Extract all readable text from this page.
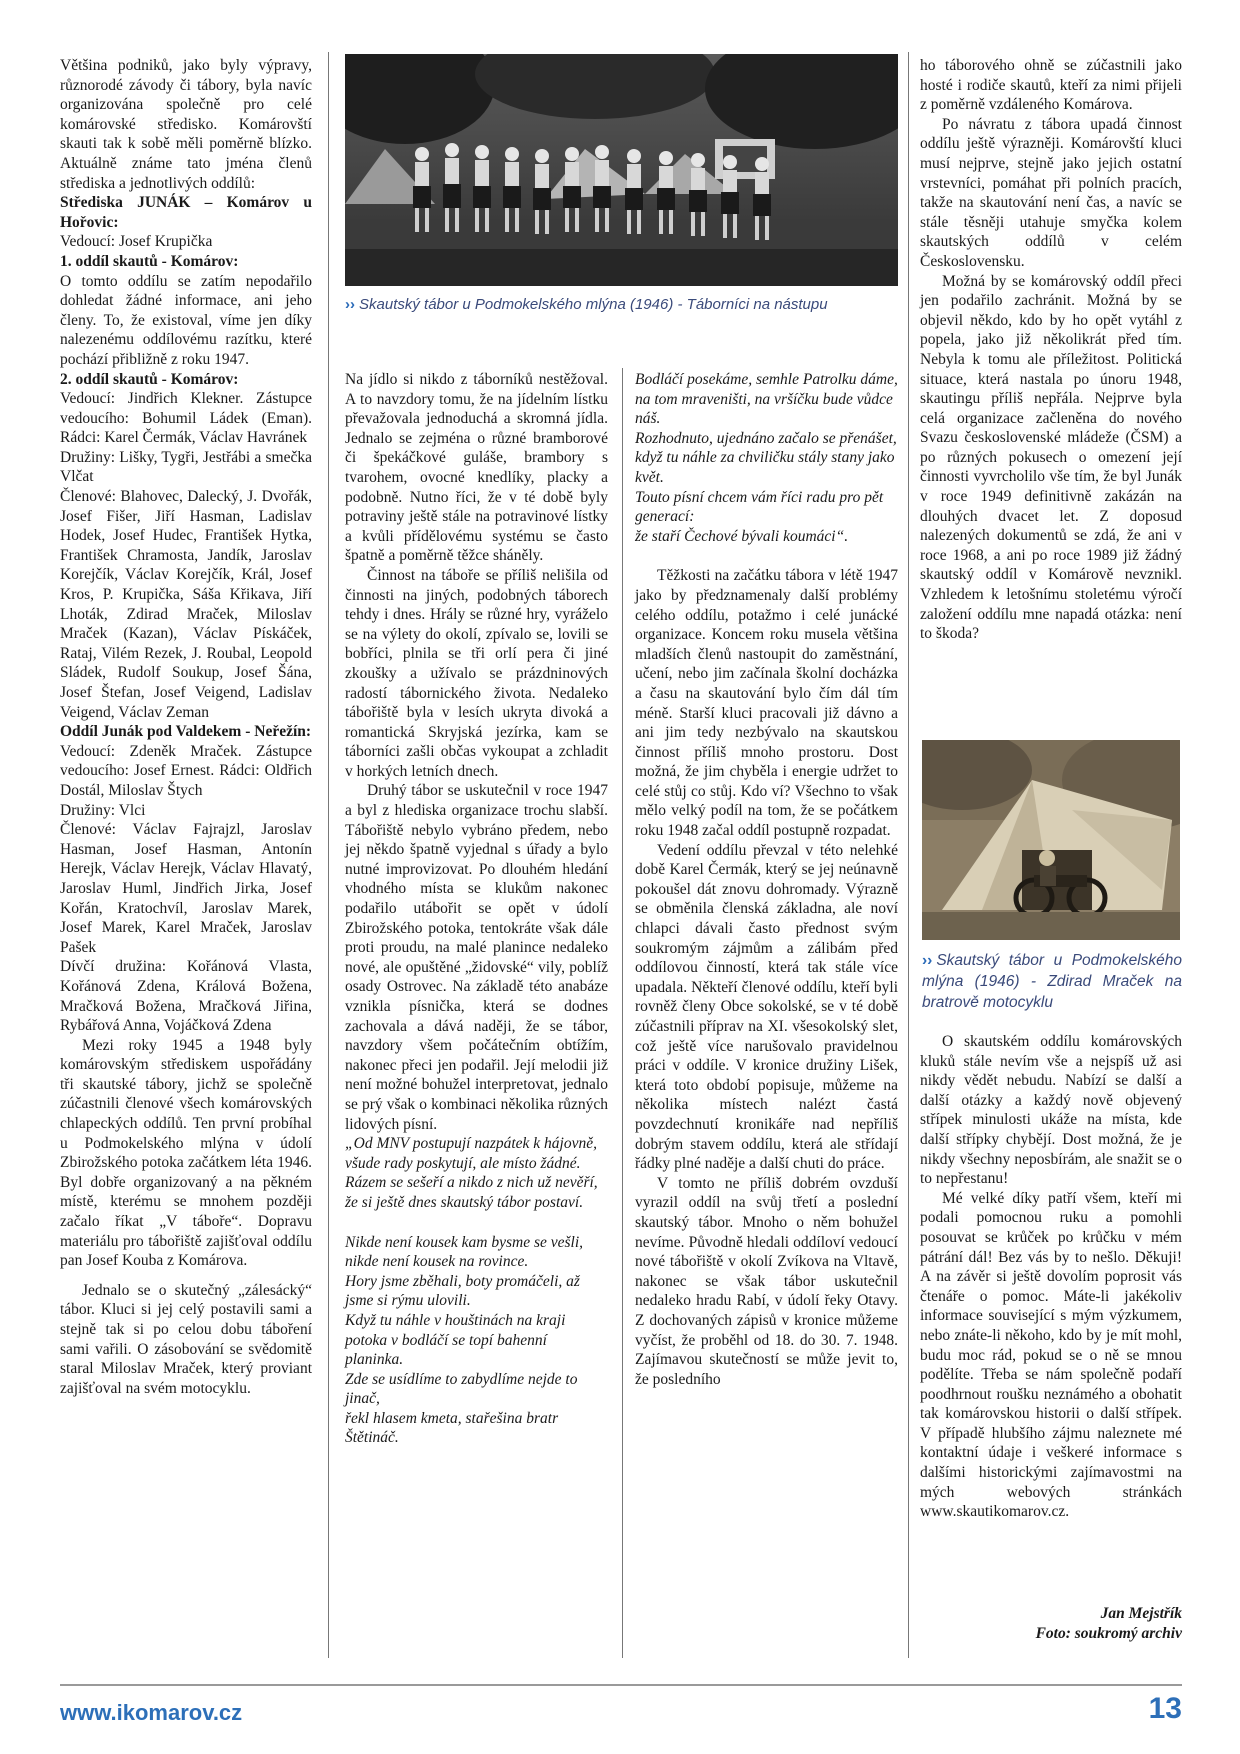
Většina podniků, jako byly výpravy, různorodé závody či tábory, byla navíc organizována společně pro celé komárovské středisko. Komárovští skauti tak k sobě měli poměrně blízko. Aktuálně známe tato jména členů střediska a jednotlivých oddílů:

Střediska JUNÁK – Komárov u Hořovic:

Vedoucí: Josef Krupička

1. oddíl skautů - Komárov:

O tomto oddílu se zatím nepodařilo dohledat žádné informace, ani jeho členy. To, že existoval, víme jen díky nalezenému oddílovému razítku, které pochází přibližně z roku 1947.

2. oddíl skautů - Komárov:

Vedoucí: Jindřich Klekner. Zástupce vedoucího: Bohumil Ládek (Eman). Rádci: Karel Čermák, Václav Havránek

Družiny: Lišky, Tygři, Jestřábi a smečka Vlčat

Členové: Blahovec, Dalecký, J. Dvořák, Josef Fišer, Jiří Hasman, Ladislav Hodek, Josef Hudec, František Hytka, František Chramosta, Jandík, Jaroslav Korejčík, Václav Korejčík, Král, Josef Kros, P. Krupička, Sáša Křikava, Jiří Lhoták, Zdirad Mraček, Miloslav Mraček (Kazan), Václav Pískáček, Rataj, Vilém Rezek, J. Roubal, Leopold Sládek, Rudolf Soukup, Josef Šána, Josef Štefan, Josef Veigend, Ladislav Veigend, Václav Zeman

Oddíl Junák pod Valdekem - Neřežín:

Vedoucí: Zdeněk Mraček. Zástupce vedoucího: Josef Ernest. Rádci: Oldřich Dostál, Miloslav Štych

Družiny: Vlci

Členové: Václav Fajrajzl, Jaroslav Hasman, Josef Hasman, Antonín Herejk, Václav Herejk, Václav Hlavatý, Jaroslav Huml, Jindřich Jirka, Josef Kořán, Kratochvíl, Jaroslav Marek, Josef Marek, Karel Mraček, Jaroslav Pašek

Dívčí družina: Kořánová Vlasta, Kořánová Zdena, Králová Božena, Mračková Božena, Mračková Jiřina, Rybářová Anna, Vojáčková Zdena

Mezi roky 1945 a 1948 byly komárovským střediskem uspořádány tři skautské tábory, jichž se společně zúčastnili členové všech komárovských chlapeckých oddílů. Ten první probíhal u Podmokelského mlýna v údolí Zbirožského potoka začátkem léta 1946. Byl dobře organizovaný a na pěkném místě, kterému se mnohem později začalo říkat „V táboře“. Dopravu materiálu pro tábořiště zajišťoval oddílu pan Josef Kouba z Komárova.

Jednalo se o skutečný „zálesácký“ tábor. Kluci si jej celý postavili sami a stejně tak si po celou dobu táboření sami vařili. O zásobování se svědomitě staral Miloslav Mraček, který proviant zajišťoval na svém motocyklu.

›› Skautský tábor u Podmokelského mlýna (1946) - Táborníci na nástupu

Na jídlo si nikdo z táborníků nestěžoval. A to navzdory tomu, že na jídelním lístku převažovala jednoduchá a skromná jídla. Jednalo se zejména o různé bramborové či špekáčkové guláše, brambory s tvarohem, ovocné knedlíky, placky a podobně. Nutno říci, že v té době byly potraviny ještě stále na potravinové lístky a kvůli přídělovému systému se často špatně a poměrně těžce sháněly.

Činnost na táboře se příliš nelišila od činnosti na jiných, podobných táborech tehdy i dnes. Hrály se různé hry, vyráželo se na výlety do okolí, zpívalo se, lovili se bobříci, plnila se tři orlí pera či jiné zkoušky a užívalo se prázdninových radostí tábornického života. Nedaleko tábořiště byla v lesích ukryta divoká a romantická Skryjská jezírka, kam se táborníci zašli občas vykoupat a zchladit v horkých letních dnech.

Druhý tábor se uskutečnil v roce 1947 a byl z hlediska organizace trochu slabší. Tábořiště nebylo vybráno předem, nebo jej někdo špatně vyjednal s úřady a bylo nutné improvizovat. Po dlouhém hledání vhodného místa se klukům nakonec podařilo utábořit se opět v údolí Zbirožského potoka, tentokráte však dále proti proudu, na malé planince nedaleko nové, ale opuštěné „židovské“ vily, poblíž osady Ostrovec. Na základě této anabáze vznikla písnička, která se dodnes zachovala a dává naději, že se tábor, navzdory všem počátečním obtížím, nakonec přeci jen podařil. Její melodii již není možné bohužel interpretovat, jednalo se prý však o kombinaci několika různých lidových písní.

„Od MNV postupují nazpátek k hájovně,

všude rady poskytují, ale místo žádné.

Rázem se sešeří a nikdo z nich už nevěří,

že si ještě dnes skautský tábor postaví.

Nikde není kousek kam bysme se vešli, nikde není kousek na rovince.

Hory jsme zběhali, boty promáčeli, až jsme si rýmu ulovili.

Když tu náhle v houštinách na kraji potoka v bodláčí se topí bahenní planinka.

Zde se usídlíme to zabydlíme nejde to jinač,

řekl hlasem kmeta, stařešina bratr Štětináč.

Bodláčí posekáme, semhle Patrolku dáme,

na tom mraveništi, na vršíčku bude vůdce náš.

Rozhodnuto, ujednáno začalo se přenášet,

když tu náhle za chviličku stály stany jako květ.

Touto písní chcem vám říci radu pro pět generací:

že staří Čechové bývali koumáci“.

Těžkosti na začátku tábora v létě 1947 jako by předznamenaly další problémy celého oddílu, potažmo i celé junácké organizace. Koncem roku musela většina mladších členů nastoupit do zaměstnání, učení, nebo jim začínala školní docházka a času na skautování bylo čím dál tím méně. Starší kluci pracovali již dávno a ani jim tedy nezbývalo na skautskou činnost příliš mnoho prostoru. Dost možná, že jim chyběla i energie udržet to celé stůj co stůj. Kdo ví? Všechno to však mělo velký podíl na tom, že se počátkem roku 1948 začal oddíl postupně rozpadat.

Vedení oddílu převzal v této nelehké době Karel Čermák, který se jej neúnavně pokoušel dát znovu dohromady. Výrazně se obměnila členská základna, ale noví chlapci dávali často přednost svým soukromým zájmům a zálibám před oddílovou činností, která tak stále více upadala. Někteří členové oddílu, kteří byli rovněž členy Obce sokolské, se v té době zúčastnili příprav na XI. všesokolský slet, což ještě více narušovalo pravidelnou práci v oddíle. V kronice družiny Lišek, která toto období popisuje, můžeme na několika místech nalézt častá povzdechnutí kronikáře nad nepříliš dobrým stavem oddílu, která ale střídají řádky plné naděje a další chuti do práce.

V tomto ne příliš dobrém ovzduší vyrazil oddíl na svůj třetí a poslední skautský tábor. Mnoho o něm bohužel nevíme. Původně hledali oddíloví vedoucí nové tábořiště v okolí Zvíkova na Vltavě, nakonec se však tábor uskutečnil nedaleko hradu Rabí, v údolí řeky Otavy. Z dochovaných zápisů v kronice můžeme vyčíst, že proběhl od 18. do 30. 7. 1948. Zajímavou skutečností se může jevit to, že posledního

ho táborového ohně se zúčastnili jako hosté i rodiče skautů, kteří za nimi přijeli z poměrně vzdáleného Komárova.

Po návratu z tábora upadá činnost oddílu ještě výrazněji. Komárovští kluci musí nejprve, stejně jako jejich ostatní vrstevníci, pomáhat při polních pracích, takže na skautování není čas, a navíc se stále těsněji utahuje smyčka kolem skautských oddílů v celém Československu.

Možná by se komárovský oddíl přeci jen podařilo zachránit. Možná by se objevil někdo, kdo by ho opět vytáhl z popela, jako již několikrát před tím. Nebyla k tomu ale příležitost. Politická situace, která nastala po únoru 1948, skautingu příliš nepřála. Nejprve byla celá organizace začleněna do nového Svazu československé mládeže (ČSM) a po různých pokusech o omezení její činnosti vyvrcholilo vše tím, že byl Junák v roce 1949 definitivně zakázán na dlouhých dvacet let. Z doposud nalezených dokumentů se zdá, že ani v roce 1968, a ani po roce 1989 již žádný skautský oddíl v Komárově nevznikl. Vzhledem k letošnímu stoletému výročí založení oddílu mne napadá otázka: není to škoda?

›› Skautský tábor u Podmokelského mlýna (1946) - Zdirad Mraček na bratrově motocyklu

O skautském oddílu komárovských kluků stále nevím vše a nejspíš už asi nikdy vědět nebudu. Nabízí se další a další otázky a každý nově objevený střípek minulosti ukáže na místa, kde další střípky chybějí. Dost možná, že je nikdy všechny neposbírám, ale snažit se o to nepřestanu!

Mé velké díky patří všem, kteří mi podali pomocnou ruku a pomohli posouvat se krůček po krůčku v mém pátrání dál! Bez vás by to nešlo. Děkuji! A na závěr si ještě dovolím poprosit vás čtenáře o pomoc. Máte-li jakékoliv informace související s mým výzkumem, nebo znáte-li někoho, kdo by je mít mohl, budu moc rád, pokud se o ně se mnou podělíte. Třeba se nám společně podaří poodhrnout roušku neznámého a obohatit tak komárovskou historii o další střípek. V případě hlubšího zájmu naleznete mé kontaktní údaje i veškeré informace s dalšími historickými zajímavostmi na mých webových stránkách www.skautikomarov.cz.

Jan Mejstřík
Foto: soukromý archiv
www.ikomarov.cz	13
